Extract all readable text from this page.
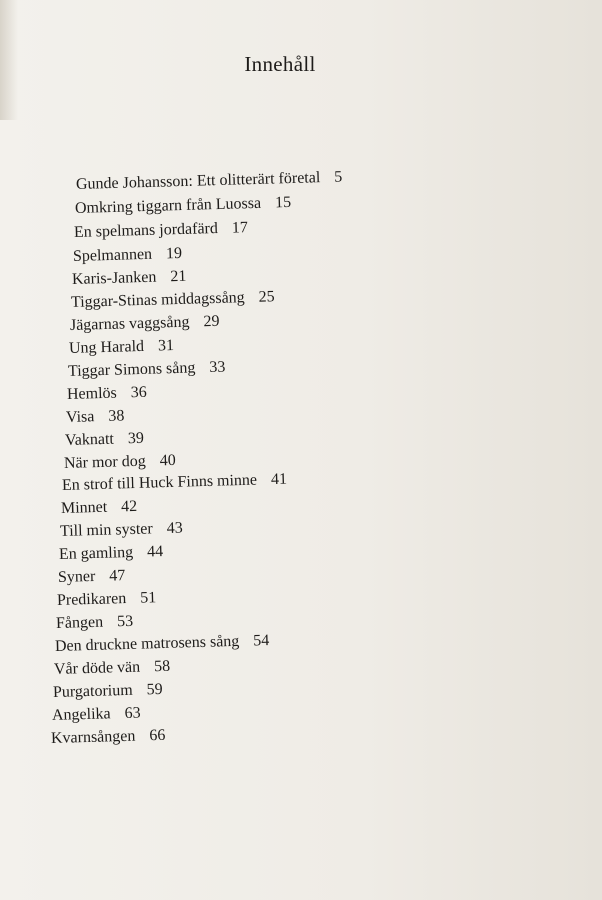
Innehåll
Gunde Johansson: Ett olitterärt företal 5
Omkring tiggarn från Luossa 15
En spelmans jordafärd 17
Spelmannen 19
Karis-Janken 21
Tiggar-Stinas middagssång 25
Jägarnas vaggsång 29
Ung Harald 31
Tiggar Simons sång 33
Hemlös 36
Visa 38
Vaknatt 39
När mor dog 40
En strof till Huck Finns minne 41
Minnet 42
Till min syster 43
En gamling 44
Syner 47
Predikaren 51
Fången 53
Den druckne matrosens sång 54
Vår döde vän 58
Purgatorium 59
Angelika 63
Kvarnsången 66
